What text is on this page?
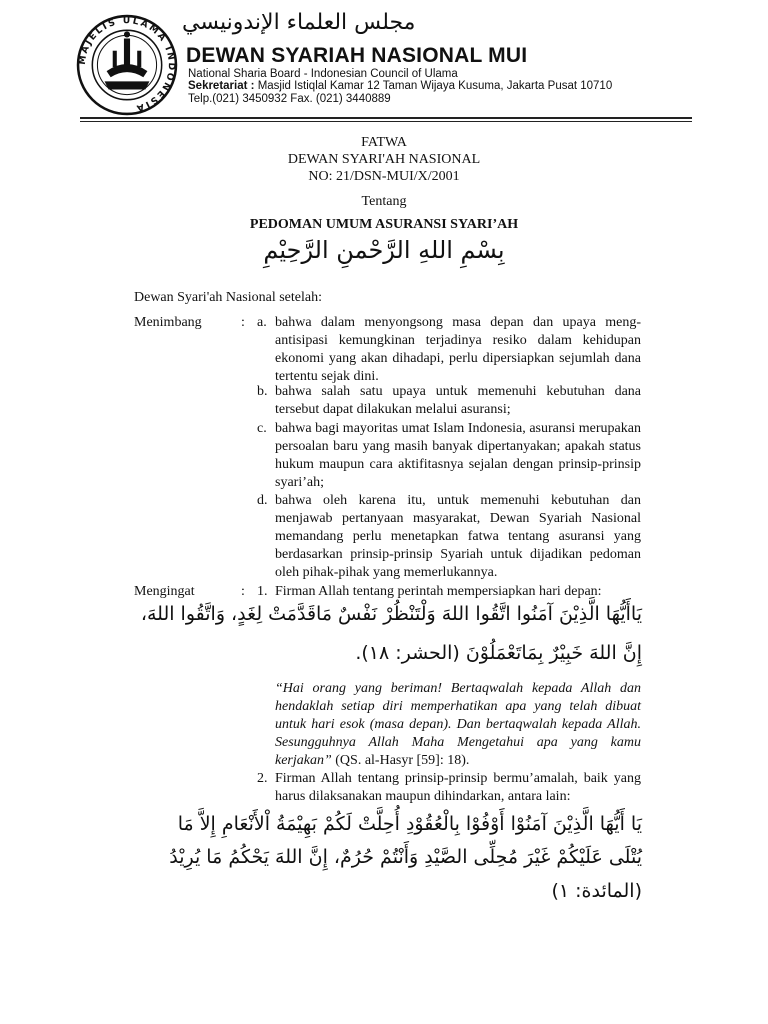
MAJELIS ULAMA INDONESIA
مجلس العلماء الإندونيسي
DEWAN SYARIAH NASIONAL MUI
National Sharia Board - Indonesian Council of Ulama
Sekretariat : Masjid Istiqlal Kamar 12 Taman Wijaya Kusuma, Jakarta Pusat 10710
Telp.(021) 3450932 Fax. (021) 3440889
FATWA
DEWAN SYARI'AH NASIONAL
NO: 21/DSN-MUI/X/2001
Tentang
PEDOMAN UMUM ASURANSI SYARI’AH
بِسْمِ اللهِ الرَّحْمنِ الرَّحِيْمِ
Dewan Syari'ah Nasional setelah:
Menimbang	: a. bahwa dalam menyongsong masa depan dan upaya meng-antisipasi kemungkinan terjadinya resiko dalam kehidupan ekonomi yang akan dihadapi, perlu dipersiapkan sejumlah dana tertentu sejak dini.
b. bahwa salah satu upaya untuk memenuhi kebutuhan dana tersebut dapat dilakukan melalui asuransi;
c. bahwa bagi mayoritas umat Islam Indonesia, asuransi merupakan persoalan baru yang masih banyak dipertanyakan; apakah status hukum maupun cara aktifitasnya sejalan dengan prinsip-prinsip syari’ah;
d. bahwa oleh karena itu, untuk memenuhi kebutuhan dan menjawab pertanyaan masyarakat, Dewan Syariah Nasional memandang perlu menetapkan fatwa tentang asuransi yang berdasarkan prinsip-prinsip Syariah untuk dijadikan pedoman oleh pihak-pihak yang memerlukannya.
Mengingat	: 1. Firman Allah tentang perintah mempersiapkan hari depan:
يَاأَيُّهَا الَّذِيْنَ آمَنُوا اتَّقُوا اللهَ وَلْتَنْظُرْ نَفْسٌ مَاقَدَّمَتْ لِغَدٍ، وَاتَّقُوا اللهَ،
إِنَّ اللهَ خَبِيْرٌ بِمَاتَعْمَلُوْنَ (الحشر: ١٨).
“Hai orang yang beriman! Bertaqwalah kepada Allah dan hendaklah setiap diri memperhatikan apa yang telah dibuat untuk hari esok (masa depan). Dan bertaqwalah kepada Allah. Sesungguhnya Allah Maha Mengetahui apa yang kamu kerjakan” (QS. al-Hasyr [59]: 18).
2. Firman Allah tentang prinsip-prinsip bermu’amalah, baik yang harus dilaksanakan maupun dihindarkan, antara lain:
يَا أَيُّهَا الَّذِيْنَ آمَنُوْا أَوْفُوْا بِالْعُقُوْدِ أُحِلَّتْ لَكُمْ بَهِيْمَةُ اْلأَنْعَامِ إِلاَّ مَا
يُتْلَى عَلَيْكُمْ غَيْرَ مُحِلِّى الصَّيْدِ وَأَنْتُمْ حُرُمٌ، إِنَّ اللهَ يَحْكُمُ مَا يُرِيْدُ
(المائدة: ١)
